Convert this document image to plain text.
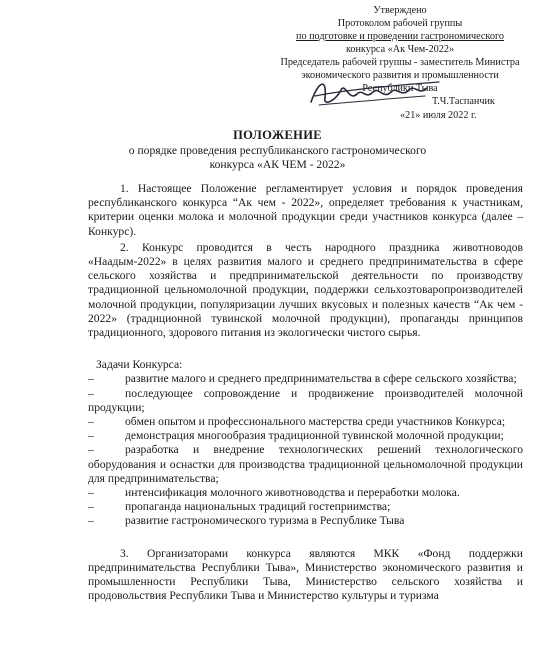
Утверждено
Протоколом рабочей группы
по подготовке и проведении гастрономического
конкурса «Ак Чем-2022»
Председатель рабочей группы - заместитель Министра
экономического развития и промышленности
Республики Тыва
Т.Ч.Таспанчик
«21» июля 2022 г.
ПОЛОЖЕНИЕ
о порядке проведения республиканского гастрономического
конкурса «АК ЧЕМ - 2022»

1. Настоящее Положение регламентирует условия и порядок проведения республиканского конкурса “Ак чем - 2022», определяет требования к участникам, критерии оценки молока и молочной продукции среди участников конкурса (далее – Конкурс).

2. Конкурс проводится в честь народного праздника животноводов «Наадым-2022» в целях развития малого и среднего предпринимательства в сфере сельского хозяйства и предпринимательской деятельности по производству традиционной цельномолочной продукции, поддержки сельхозтоваропроизводителей молочной продукции, популяризации лучших вкусовых и полезных качеств “Ак чем - 2022» (традиционной тувинской молочной продукции), пропаганды принципов традиционного, здорового питания из экологически чистого сырья.

Задачи Конкурса:

–	развитие малого и среднего предпринимательства в сфере сельского хозяйства;

–	последующее сопровождение и продвижение производителей молочной продукции;

–	обмен опытом и профессионального мастерства среди участников Конкурса;

–	демонстрация многообразия традиционной тувинской молочной продукции;

–	разработка и внедрение технологических решений технологического оборудования и оснастки для производства традиционной цельномолочной продукции для предпринимательства;

–	интенсификация молочного животноводства и переработки молока.

–	пропаганда национальных традиций гостеприимства;

–	развитие гастрономического туризма в Республике Тыва

3. Организаторами конкурса являются МКК «Фонд поддержки предпринимательства Республики Тыва», Министерство экономического развития и промышленности Республики Тыва, Министерство сельского хозяйства и продовольствия Республики Тыва и Министерство культуры и туризма
